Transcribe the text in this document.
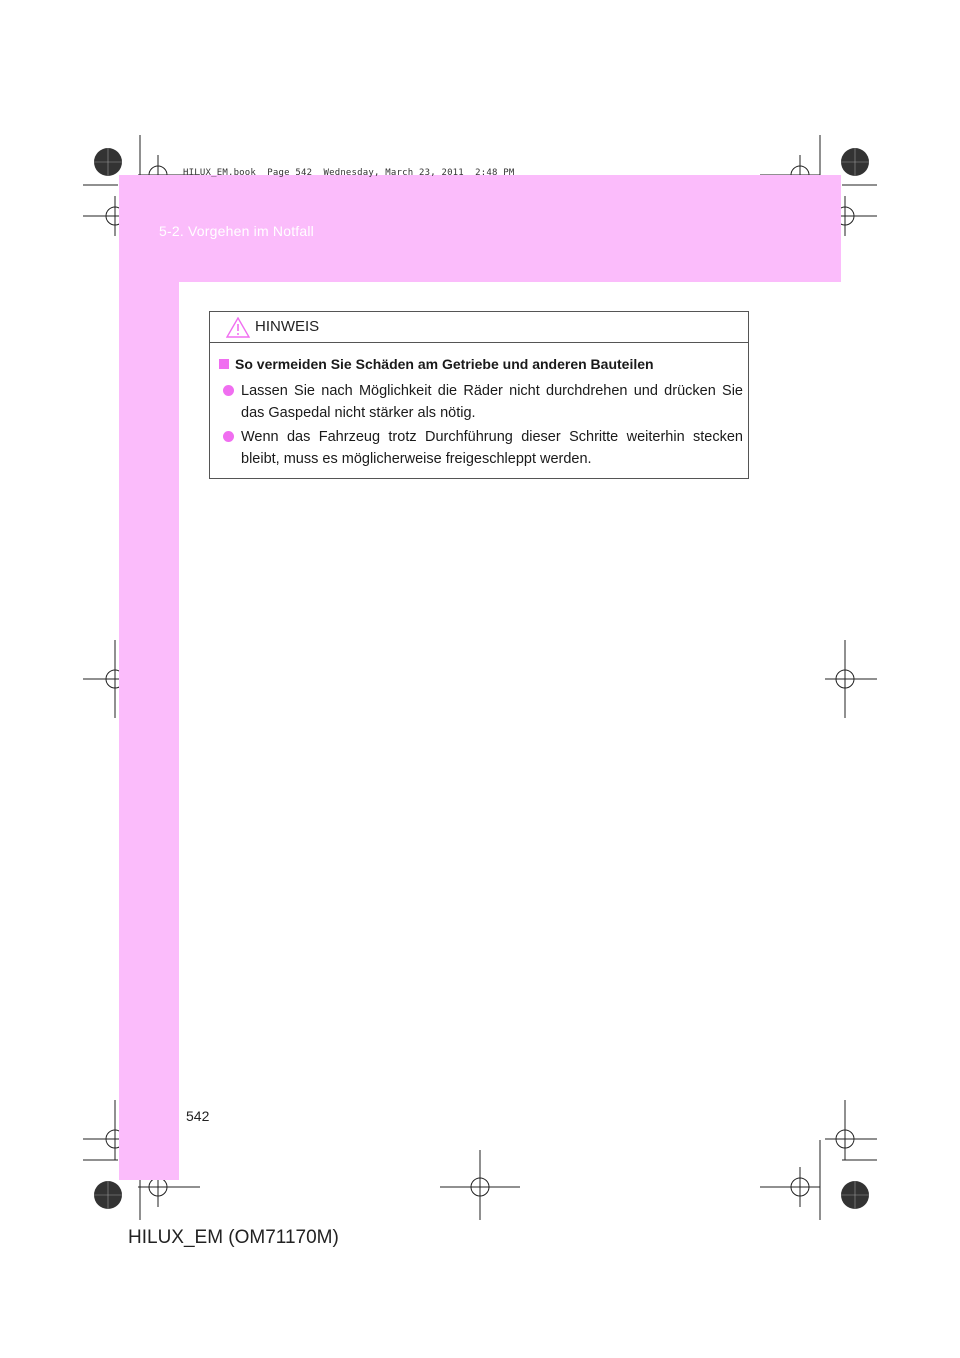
HILUX_EM.book  Page 542  Wednesday, March 23, 2011  2:48 PM
5-2. Vorgehen im Notfall
HINWEIS
So vermeiden Sie Schäden am Getriebe und anderen Bauteilen
Lassen Sie nach Möglichkeit die Räder nicht durchdrehen und drücken Sie das Gaspedal nicht stärker als nötig.
Wenn das Fahrzeug trotz Durchführung dieser Schritte weiterhin stecken bleibt, muss es möglicherweise freigeschleppt werden.
542
HILUX_EM (OM71170M)
